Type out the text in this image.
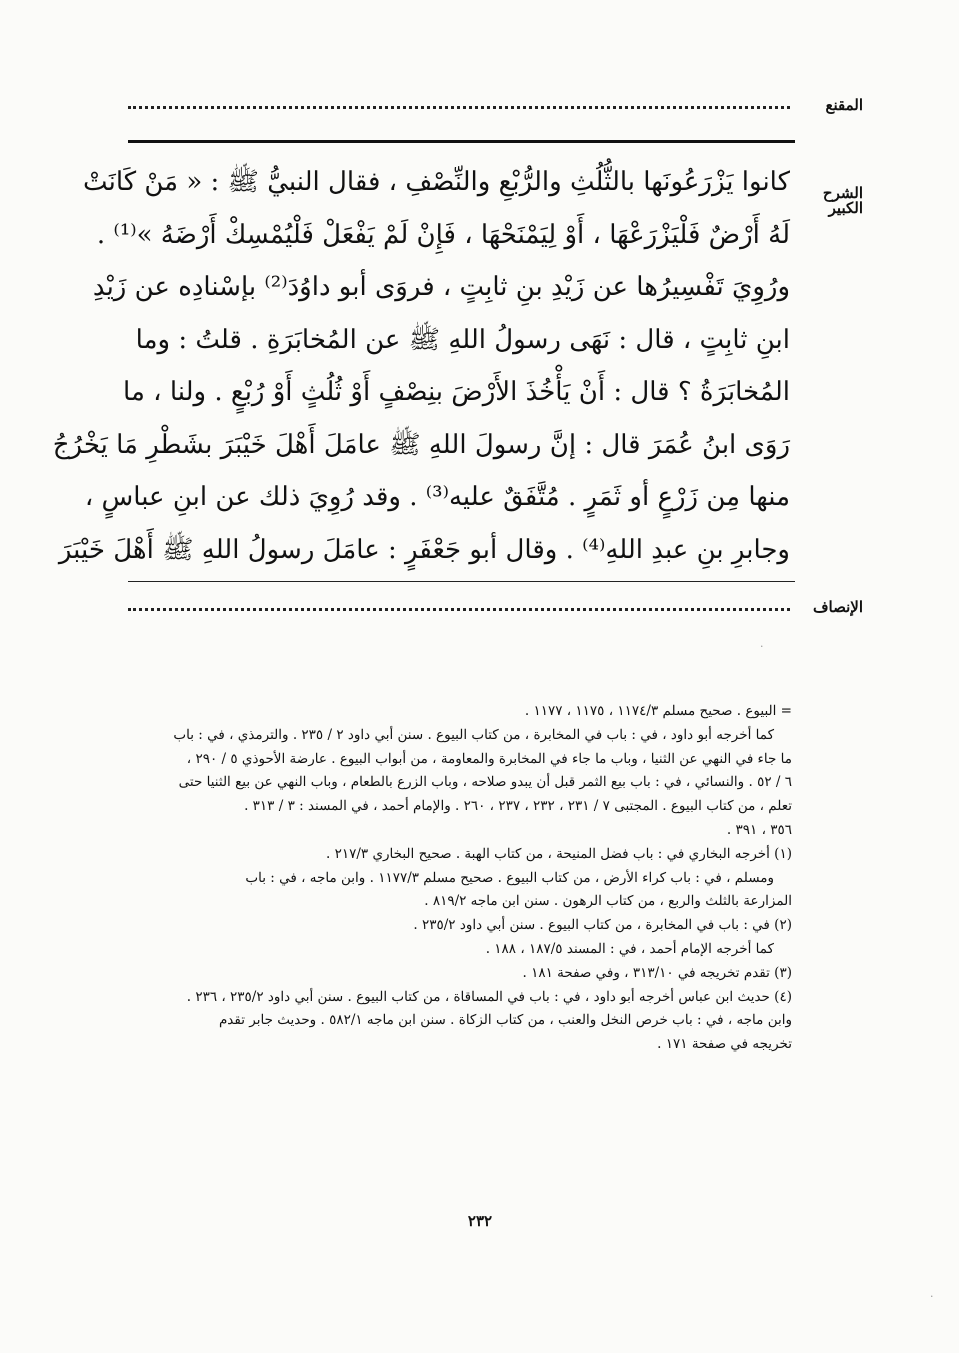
المقنع
الشرح الكبير
كانوا يَزْرَعُونَها بالثُّلُثِ والرُّبْعِ والنِّصْفِ ، فقال النبيُّ ﷺ : « مَنْ كَانَتْ
لَهُ أَرْضٌ فَلْيَزْرَعْهَا ، أَوْ لِيَمْنَحْهَا ، فَإِنْ لَمْ يَفْعَلْ فَلْيُمْسِكْ أَرْضَهُ »⁽¹⁾ .
ورُوِيَ تَفْسِيرُها عن زَيْدِ بنِ ثابِتٍ ، فروَى أبو داوُدَ⁽²⁾ بإسْنادِه عن زَيْدِ
ابنِ ثابِتٍ ، قال : نَهَى رسولُ اللهِ ﷺ عن المُخابَرَةِ . قلتُ : وما
المُخابَرَةُ ؟ قال : أَنْ يَأْخُذَ الأَرْضَ بنِصْفٍ أَوْ ثُلُثٍ أَوْ رُبْعٍ . ولنا ، ما
رَوَى ابنُ عُمَرَ قال : إنَّ رسولَ اللهِ ﷺ عامَلَ أَهْلَ خَيْبَرَ بشَطْرِ مَا يَخْرُجُ
منها مِن زَرْعٍ أو ثَمَرٍ . مُتَّفَقٌ عليه⁽³⁾ . وقد رُوِيَ ذلك عن ابنِ عباسٍ ،
وجابرِ بنِ عبدِ اللهِ⁽⁴⁾ . وقال أبو جَعْفَرٍ : عامَلَ رسولُ اللهِ ﷺ أَهْلَ خَيْبَرَ
الإنصاف
·
= البيوع . صحيح مسلم ١١٧٤/٣ ، ١١٧٥ ، ١١٧٧ .
كما أخرجه أبو داود ، في : باب في المخابرة ، من كتاب البيوع . سنن أبي داود ٢ / ٢٣٥ . والترمذي ، في : باب
ما جاء في النهي عن الثنيا ، وباب ما جاء في المخابرة والمعاومة ، من أبواب البيوع . عارضة الأحوذي ٥ / ٢٩٠ ،
٦ / ٥٢ . والنسائي ، في : باب بيع الثمر قبل أن يبدو صلاحه ، وباب الزرع بالطعام ، وباب النهي عن بيع الثنيا حتى
تعلم ، من كتاب البيوع . المجتبى ٧ / ٢٣١ ، ٢٣٢ ، ٢٣٧ ، ٢٦٠ . والإمام أحمد ، في المسند : ٣ / ٣١٣ .
٣٥٦ ، ٣٩١ .
(١) أخرجه البخاري في : باب فضل المنيحة ، من كتاب الهبة . صحيح البخاري ٢١٧/٣ .
ومسلم ، في : باب كراء الأرض ، من كتاب البيوع . صحيح مسلم ١١٧٧/٣ . وابن ماجه ، في : باب
المزارعة بالثلث والربع ، من كتاب الرهون . سنن ابن ماجه ٨١٩/٢ .
(٢) في : باب في المخابرة ، من كتاب البيوع . سنن أبي داود ٢٣٥/٢ .
كما أخرجه الإمام أحمد ، في : المسند ١٨٧/٥ ، ١٨٨ .
(٣) تقدم تخريجه في ٣١٣/١٠ ، وفي صفحة ١٨١ .
(٤) حديث ابن عباس أخرجه أبو داود ، في : باب في المساقاة ، من كتاب البيوع . سنن أبي داود ٢٣٥/٢ ، ٢٣٦ .
وابن ماجه ، في : باب خرص النخل والعنب ، من كتاب الزكاة . سنن ابن ماجه ٥٨٢/١ . وحديث جابر تقدم
تخريجه في صفحة ١٧١ .
٢٣٢
·
